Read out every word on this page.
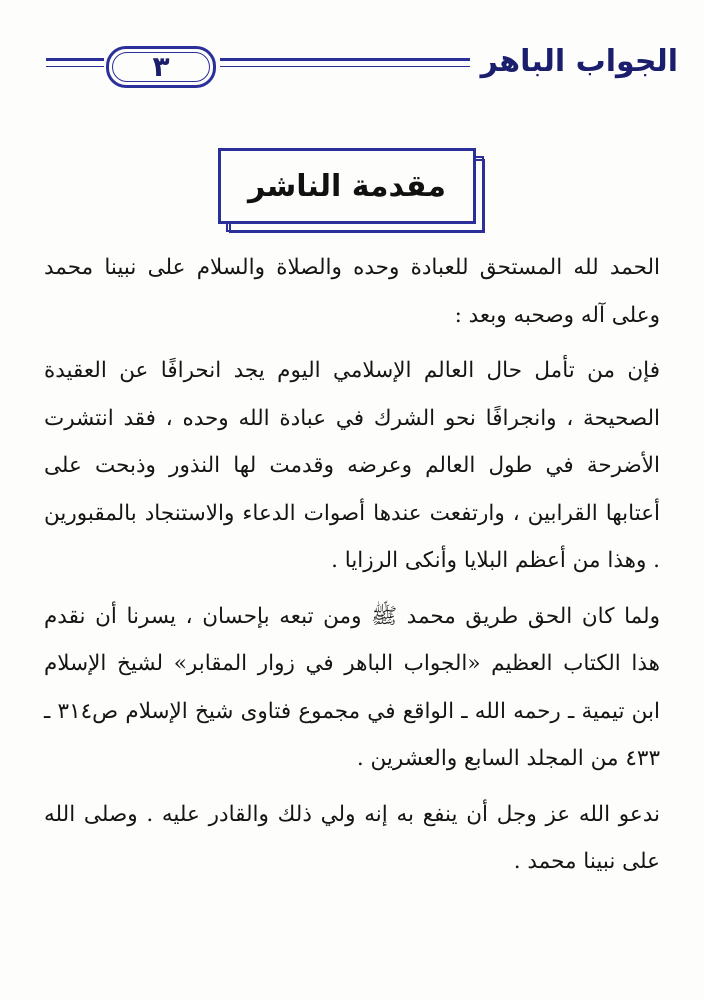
٣	الجواب الباهر
مقدمة الناشر

الحمد لله المستحق للعبادة وحده والصلاة والسلام على نبينا محمد وعلى آله وصحبه وبعد :

فإن من تأمل حال العالم الإسلامي اليوم يجد انحرافًا عن العقيدة الصحيحة ، وانجرافًا نحو الشرك في عبادة الله وحده ، فقد انتشرت الأضرحة في طول العالم وعرضه وقدمت لها النذور وذبحت على أعتابها القرابين ، وارتفعت عندها أصوات الدعاء والاستنجاد بالمقبورين . وهذا من أعظم البلايا وأنكى الرزايا .

ولما كان الحق طريق محمد ﷺ ومن تبعه بإحسان ، يسرنا أن نقدم هذا الكتاب العظيم «الجواب الباهر في زوار المقابر» لشيخ الإسلام ابن تيمية ـ رحمه الله ـ الواقع في مجموع فتاوى شيخ الإسلام ص٣١٤ ـ ٤٣٣ من المجلد السابع والعشرين .

ندعو الله عز وجل أن ينفع به إنه ولي ذلك والقادر عليه . وصلى الله على نبينا محمد .
